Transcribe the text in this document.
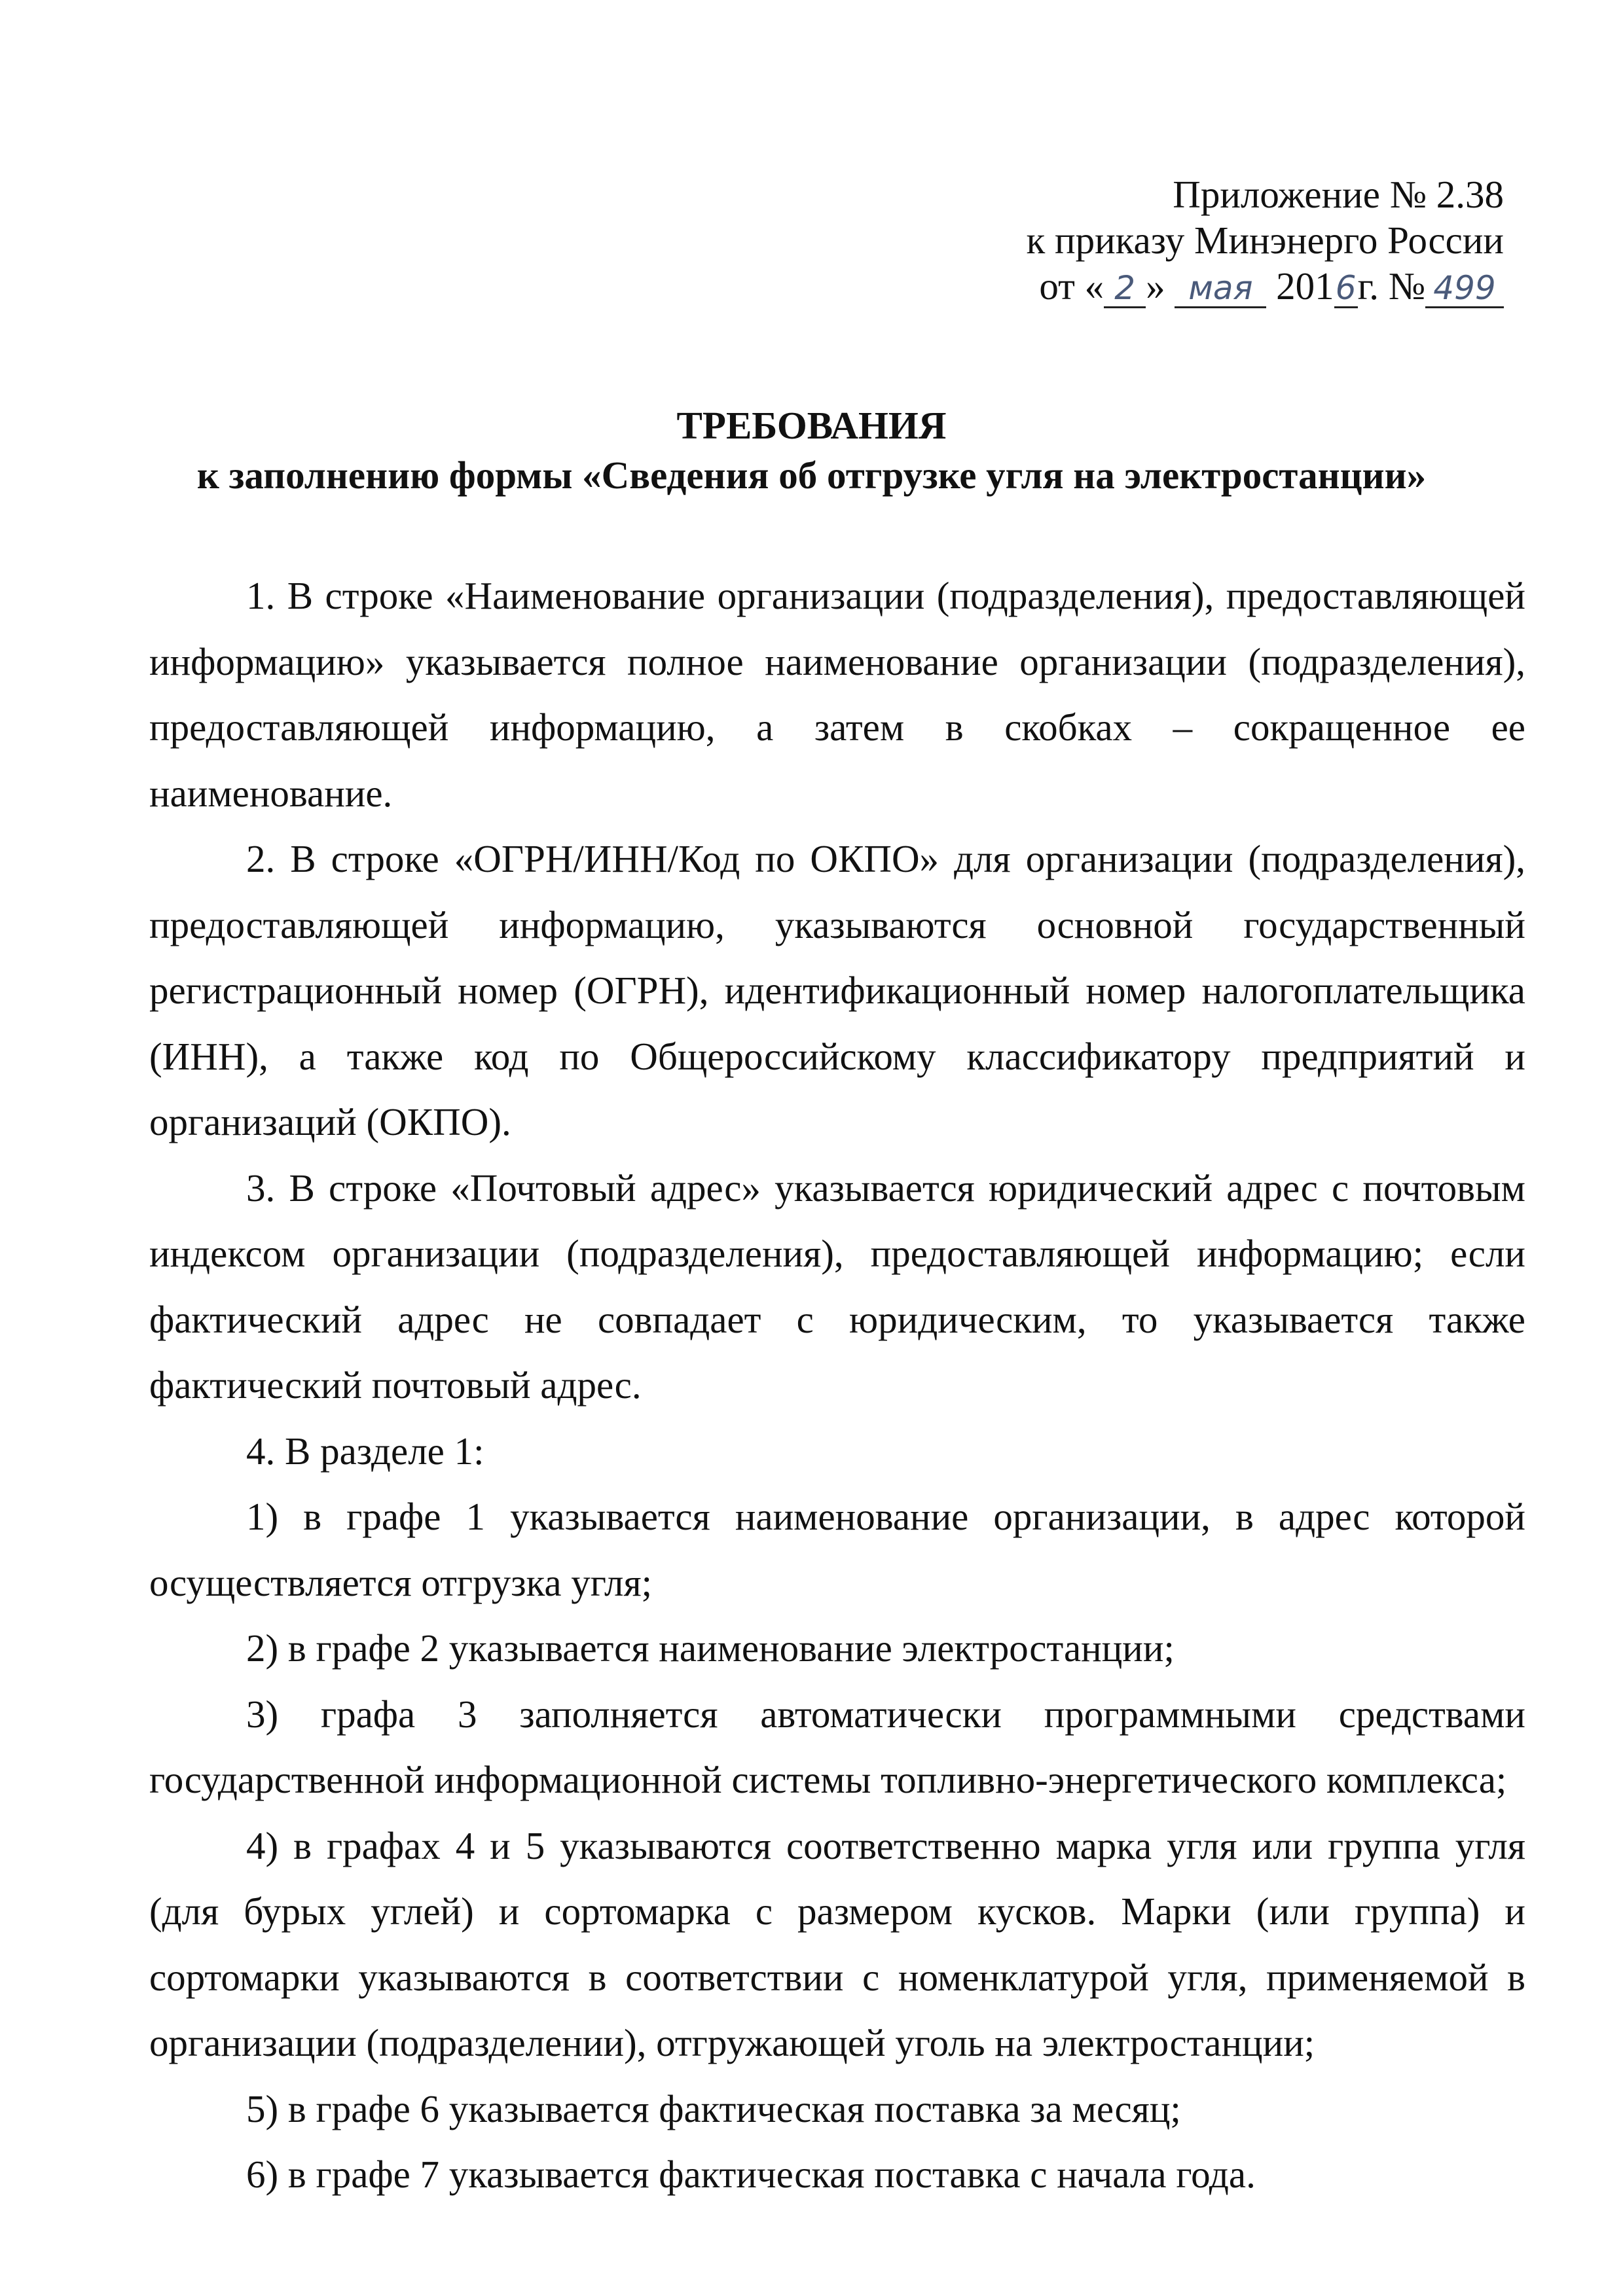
Приложение № 2.38
к приказу Минэнерго России
от « 2 » мая 2016г. № 499
ТРЕБОВАНИЯ
к заполнению формы «Сведения об отгрузке угля на электростанции»

1. В строке «Наименование организации (подразделения), предоставляющей информацию» указывается полное наименование организации (подразделения), предоставляющей информацию, а затем в скобках – сокращенное ее наименование.

2. В строке «ОГРН/ИНН/Код по ОКПО» для организации (подразделения), предоставляющей информацию, указываются основной государственный регистрационный номер (ОГРН), идентификационный номер налогоплательщика (ИНН), а также код по Общероссийскому классификатору предприятий и организаций (ОКПО).

3. В строке «Почтовый адрес» указывается юридический адрес с почтовым индексом организации (подразделения), предоставляющей информацию; если фактический адрес не совпадает с юридическим, то указывается также фактический почтовый адрес.

4. В разделе 1:

1) в графе 1 указывается наименование организации, в адрес которой осуществляется отгрузка угля;

2) в графе 2 указывается наименование электростанции;

3) графа 3 заполняется автоматически программными средствами государственной информационной системы топливно-энергетического комплекса;

4) в графах 4 и 5 указываются соответственно марка угля или группа угля (для бурых углей) и сортомарка с размером кусков. Марки (или группа) и сортомарки указываются в соответствии с номенклатурой угля, применяемой в организации (подразделении), отгружающей уголь на электростанции;

5) в графе 6 указывается фактическая поставка за месяц;

6) в графе 7 указывается фактическая поставка с начала года.
